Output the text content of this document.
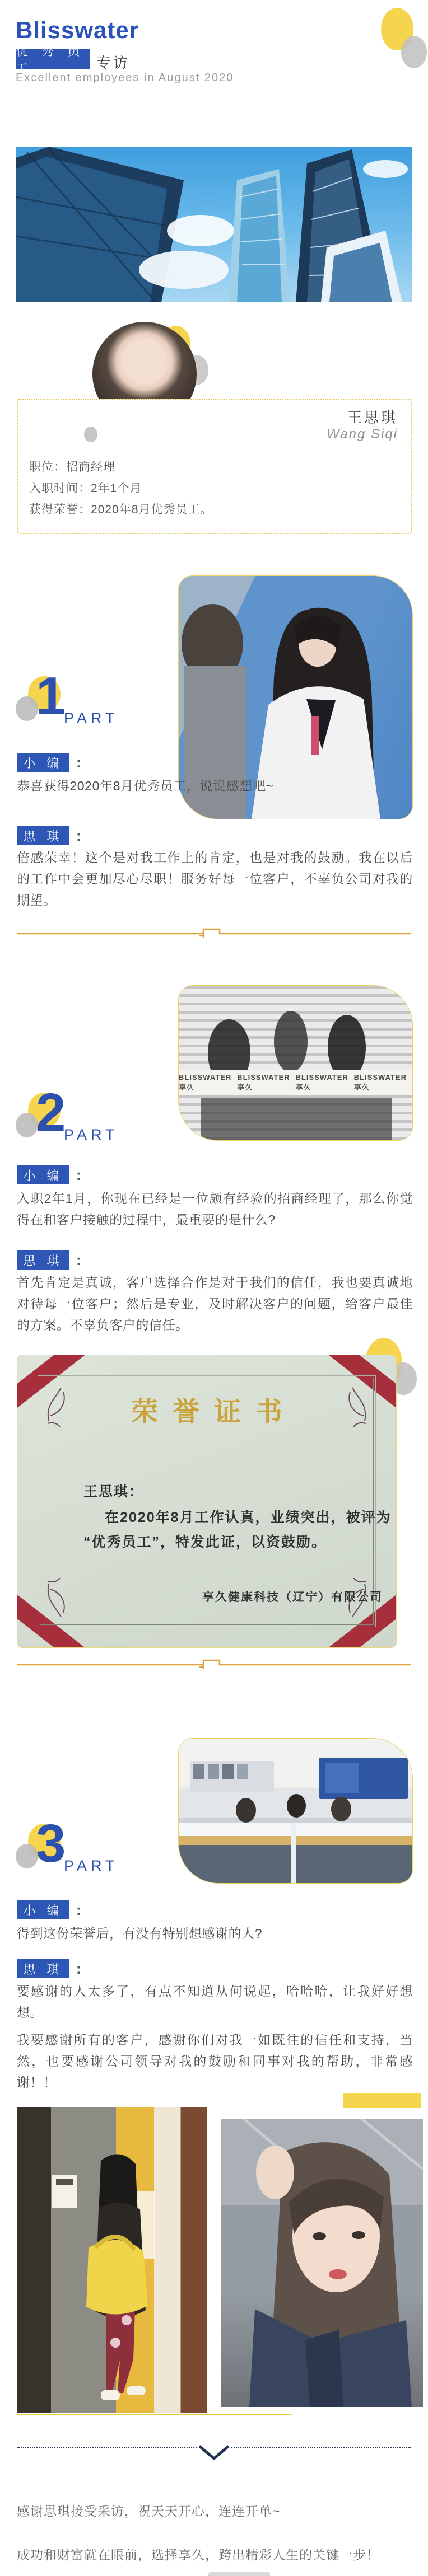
Blisswater
优 秀 员 工	专访
Excellent employees in August 2020
王思琪
Wang Siqi
职位：招商经理
入职时间：2年1个月
获得荣誉：2020年8月优秀员工。
1
PART
小 编 :
恭喜获得2020年8月优秀员工，说说感想吧~
思 琪 :
倍感荣幸！这个是对我工作上的肯定，也是对我的鼓励。我在以后的工作中会更加尽心尽职！服务好每一位客户，不辜负公司对我的期望。
BLISSWATER 享久
BLISSWATER 享久
BLISSWATER 享久
BLISSWATER 享久
2
PART
小 编 :
入职2年1月，你现在已经是一位颇有经验的招商经理了，那么你觉得在和客户接触的过程中，最重要的是什么?
思 琪 :
首先肯定是真诚，客户选择合作是对于我们的信任，我也要真诚地对待每一位客户；然后是专业，及时解决客户的问题，给客户最佳的方案。不辜负客户的信任。
荣誉证书
王思琪：
在2020年8月工作认真，业绩突出，被评为
“优秀员工”，特发此证，以资鼓励。
享久健康科技（辽宁）有限公司
3
PART
小 编 :
得到这份荣誉后，有没有特别想感谢的人?
思 琪 :
要感谢的人太多了，有点不知道从何说起，哈哈哈，让我好好想想。
我要感谢所有的客户，感谢你们对我一如既往的信任和支持，当然，也要感谢公司领导对我的鼓励和同事对我的帮助，非常感谢！！
感谢思琪接受采访，祝天天开心，连连开单~
成功和财富就在眼前，选择享久，跨出精彩人生的关键一步！
